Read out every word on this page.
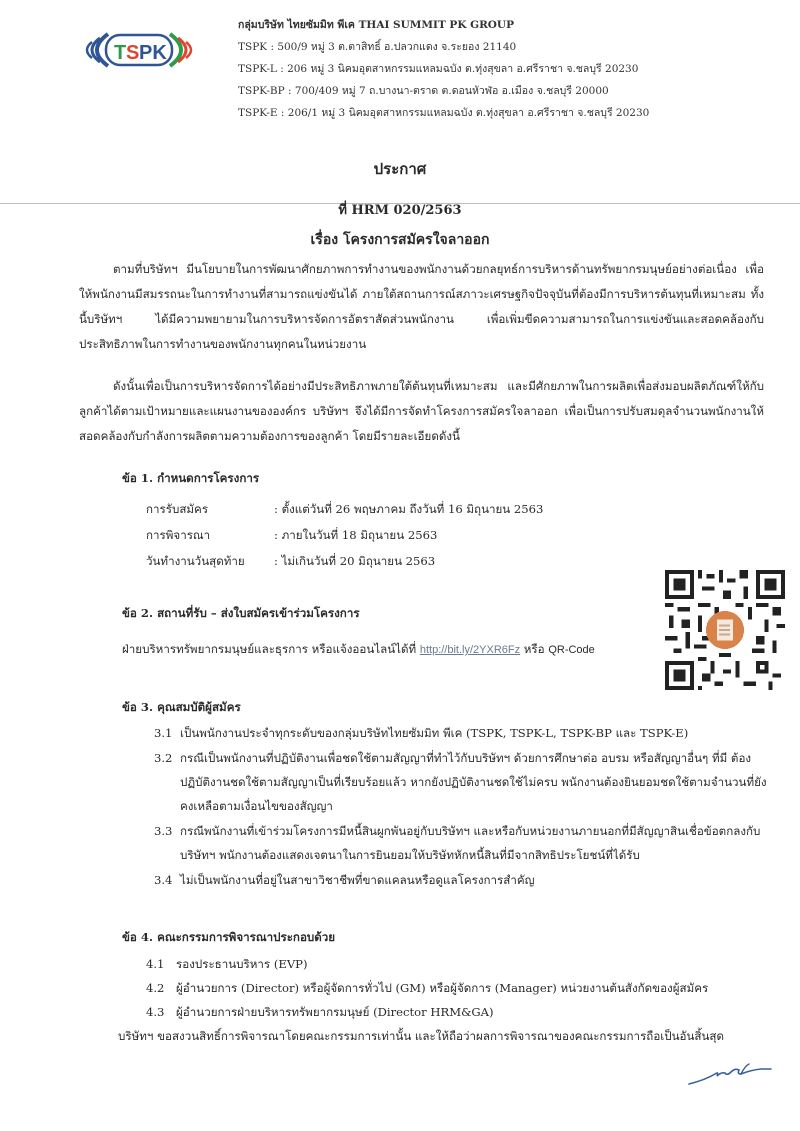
T S PK
กลุ่มบริษัท ไทยซัมมิท พีเค THAI SUMMIT PK GROUP
TSPK : 500/9 หมู่ 3 ต.ตาสิทธิ์ อ.ปลวกแดง จ.ระยอง 21140
TSPK-L : 206 หมู่ 3 นิคมอุตสาหกรรมแหลมฉบัง ต.ทุ่งสุขลา อ.ศรีราชา จ.ชลบุรี 20230
TSPK-BP : 700/409 หมู่ 7 ถ.บางนา-ตราด ต.ดอนหัวฬ่อ อ.เมือง จ.ชลบุรี 20000
TSPK-E : 206/1 หมู่ 3 นิคมอุตสาหกรรมแหลมฉบัง ต.ทุ่งสุขลา อ.ศรีราชา จ.ชลบุรี 20230
ประกาศ
ที่ HRM 020/2563
เรื่อง โครงการสมัครใจลาออก
ตามที่บริษัทฯ มีนโยบายในการพัฒนาศักยภาพการทำงานของพนักงานด้วยกลยุทธ์การบริหารด้านทรัพยากรมนุษย์อย่างต่อเนื่อง เพื่อให้พนักงานมีสมรรถนะในการทำงานที่สามารถแข่งขันได้ ภายใต้สถานการณ์สภาวะเศรษฐกิจปัจจุบันที่ต้องมีการบริหารต้นทุนที่เหมาะสม ทั้งนี้บริษัทฯ ได้มีความพยายามในการบริหารจัดการอัตราสัดส่วนพนักงาน เพื่อเพิ่มขีดความสามารถในการแข่งขันและสอดคล้องกับประสิทธิภาพในการทำงานของพนักงานทุกคนในหน่วยงาน
ดังนั้นเพื่อเป็นการบริหารจัดการได้อย่างมีประสิทธิภาพภายใต้ต้นทุนที่เหมาะสม และมีศักยภาพในการผลิตเพื่อส่งมอบผลิตภัณฑ์ให้กับลูกค้าได้ตามเป้าหมายและแผนงานขององค์กร บริษัทฯ จึงได้มีการจัดทำโครงการสมัครใจลาออก เพื่อเป็นการปรับสมดุลจำนวนพนักงานให้สอดคล้องกับกำลังการผลิตตามความต้องการของลูกค้า โดยมีรายละเอียดดังนี้
ข้อ 1. กำหนดการโครงการ
การรับสมัคร	: ตั้งแต่วันที่ 26 พฤษภาคม ถึงวันที่ 16 มิถุนายน 2563
การพิจารณา	: ภายในวันที่ 18 มิถุนายน 2563
วันทำงานวันสุดท้าย	: ไม่เกินวันที่ 20 มิถุนายน 2563
ข้อ 2. สถานที่รับ – ส่งใบสมัครเข้าร่วมโครงการ
ฝ่ายบริหารทรัพยากรมนุษย์และธุรการ หรือแจ้งออนไลน์ได้ที่ http://bit.ly/2YXR6Fz หรือ QR-Code
ข้อ 3. คุณสมบัติผู้สมัคร
3.1 เป็นพนักงานประจำทุกระดับของกลุ่มบริษัทไทยซัมมิท พีเค (TSPK, TSPK-L, TSPK-BP และ TSPK-E)
3.2 กรณีเป็นพนักงานที่ปฏิบัติงานเพื่อชดใช้ตามสัญญาที่ทำไว้กับบริษัทฯ ด้วยการศึกษาต่อ อบรม หรือสัญญาอื่นๆ ที่มี ต้องปฏิบัติงานชดใช้ตามสัญญาเป็นที่เรียบร้อยแล้ว หากยังปฏิบัติงานชดใช้ไม่ครบ พนักงานต้องยินยอมชดใช้ตามจำนวนที่ยังคงเหลือตามเงื่อนไขของสัญญา
3.3 กรณีพนักงานที่เข้าร่วมโครงการมีหนี้สินผูกพันอยู่กับบริษัทฯ และหรือกับหน่วยงานภายนอกที่มีสัญญาสินเชื่อข้อตกลงกับบริษัทฯ พนักงานต้องแสดงเจตนาในการยินยอมให้บริษัทหักหนี้สินที่มีจากสิทธิประโยชน์ที่ได้รับ
3.4 ไม่เป็นพนักงานที่อยู่ในสาขาวิชาชีพที่ขาดแคลนหรือดูแลโครงการสำคัญ
ข้อ 4. คณะกรรมการพิจารณาประกอบด้วย
4.1 รองประธานบริหาร (EVP)
4.2 ผู้อำนวยการ (Director) หรือผู้จัดการทั่วไป (GM) หรือผู้จัดการ (Manager) หน่วยงานต้นสังกัดของผู้สมัคร
4.3 ผู้อำนวยการฝ่ายบริหารทรัพยากรมนุษย์ (Director HRM&GA)
บริษัทฯ ขอสงวนสิทธิ์การพิจารณาโดยคณะกรรมการเท่านั้น และให้ถือว่าผลการพิจารณาของคณะกรรมการถือเป็นอันสิ้นสุด
